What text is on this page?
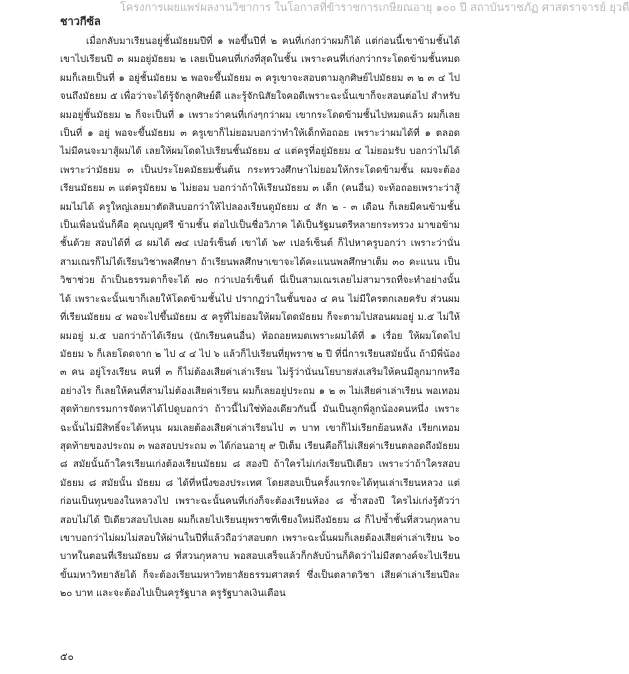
โครงการเผยแพร่ผลงานวิชาการ ในโอกาสที่ข้าราชการเกษียณอายุ ๑๐๐ ปี สถาบันราชภัฏ ศาสตราจารย์ ยุวดี
ชาวกีซ้ล

เมื่อกลับมาเรียนอยู่ชั้นมัธยมปีที่ ๑ พอขึ้นปีที่ ๒ คนที่เก่งกว่าผมก็ได้ แต่ก่อนนี้เขาข้ามชั้นได้ เขาไปเรียนปี ๓ ผมอยู่มัธยม ๒ เลยเป็นคนที่เก่งที่สุดในชั้น เพราะคนที่เก่งกว่ากระโดดข้ามชั้นหมด ผมก็เลยเป็นที่ ๑ อยู่ชั้นมัธยม ๒ พอจะขึ้นมัธยม ๓ ครูเขาจะสอบตามลูกศิษย์ไปมัธยม ๓ ๒ ๓ ๔ ไปจนถึงมัธยม ๕ เพื่อว่าจะได้รู้จักลูกศิษย์ดี และรู้จักนิสัยใจคอดีเพราะฉะนั้นเขาก็จะสอนต่อไป สำหรับผมอยู่ชั้นมัธยม ๒ ก็จะเป็นที่ ๑ เพราะว่าคนที่เก่งๆกว่าผม เขากระโดดข้ามชั้นไปหมดแล้ว ผมก็เลยเป็นที่ ๑ อยู่ พอจะขึ้นมัธยม ๓ ครูเขาก็ไม่ยอมบอกว่าทำให้เด็กท้อถอย เพราะว่าผมได้ที่ ๑ ตลอดไม่มีคนจะมาสู้ผมได้ เลยให้ผมโดดไปเรียนชั้นมัธยม ๔ แต่ครูที่อยู่มัธยม ๔ ไม่ยอมรับ บอกว่าไม่ได้ เพราะว่ามัธยม ๓ เป็นประโยคมัธยมชั้นต้น กระทรวงศึกษาไม่ยอมให้กระโดดข้ามชั้น ผมจะต้องเรียนมัธยม ๓ แต่ครูมัธยม ๒ ไม่ยอม บอกว่าถ้าให้เรียนมัธยม ๓ เด็ก (คนอื่น) จะท้อถอยเพราะว่าสู้ผมไม่ได้ ครูใหญ่เลยมาตัดสินบอกว่าให้ไปลองเรียนดูมัธยม ๔ สัก ๒ - ๓ เดือน ก็เลยมีคนข้ามชั้นเป็นเพื่อนนั่นก็คือ คุณบุญศรี ข้ามชั้น ต่อไปเป็นชื่อวิภาค ได้เป็นรัฐมนตรีหลายกระทรวง มาขอข้ามชั้นด้วย สอบได้ที่ ๘ ผมได้ ๗๔ เปอร์เซ็นต์ เขาได้ ๖๙ เปอร์เซ็นต์ ก็ไปหาครูบอกว่า เพราะว่านั่นสามเณรก็ไม่ได้เรียนวิชาพลศึกษา ถ้าเรียนพลศึกษาเขาจะได้คะแนนพลศึกษาเต็ม ๓๐ คะแนน เป็นวิชาช่วย ถ้าเป็นธรรมดาก็จะได้ ๗๐ กว่าเปอร์เซ็นต์ นี่เป็นสามเณรเลยไม่สามารถที่จะทำอย่างนั้นได้ เพราะฉะนั้นเขาก็เลยให้โดดข้ามชั้นไป ปรากฏว่าในชั้นของ ๔ คน ไม่มีใครตกเลยครับ ส่วนผมที่เรียนมัธยม ๔ พอจะไปขึ้นมัธยม ๕ ครูที่ไม่ยอมให้ผมโดดมัธยม ก็จะตามไปสอนผมอยู่ ม.๕ ไม่ให้ผมอยู่ ม.๕ บอกว่าถ้าได้เรียน (นักเรียนคนอื่น) ท้อถอยหมดเพราะผมได้ที่ ๑ เรื่อย ให้ผมโดดไปมัธยม ๖ ก็เลยโดดจาก ๒ ไป ๔ ๔ ไป ๖ แล้วก็ไปเรียนที่ยุพราช ๒ ปี ที่นี่การเรียนสมัยนั้น ถ้ามีพี่น้อง ๓ คน อยู่โรงเรียน คนที่ ๓ ก็ไม่ต้องเสียค่าเล่าเรียน ไม่รู้ว่านั่นนโยบายส่งเสริมให้คนมีลูกมากหรืออย่างไร ก็เลยให้คนที่สามไม่ต้องเสียค่าเรียน ผมก็เลยอยู่ประถม ๑ ๒ ๓ ไม่เสียค่าเล่าเรียน พอเทอมสุดท้ายกรรมการจัดหาได้ไปดูบอกว่า ถ้าวนี้ไม่ใช่ท้องเดียวกันนี้ มันเป็นลูกพี่ลูกน้องคนหนึ่ง เพราะฉะนั้นไม่มีสิทธิ์จะได้หนุน ผมเลยต้องเสียค่าเล่าเรียนไป ๓ บาท เขาก็ไม่เรียกย้อนหลัง เรียกเทอมสุดท้ายของประถม ๓ พอสอบประถม ๓ ได้ก่อนอายุ ๙ ปีเต็ม เรียนคือก็ไม่เสียค่าเรียนตลอดถึงมัธยม ๘ สมัยนั้นถ้าใครเรียนเก่งต้องเรียนมัธยม ๘ สองปี ถ้าใครไม่เก่งเรียนปีเดียว เพราะว่าถ้าใครสอบมัธยม ๘ สมัยนั้น มัธยม ๘ ได้ที่หนึ่งของประเทศ โดยสอบเป็นครั้งแรกจะได้ทุนเล่าเรียนหลวง แต่ก่อนเป็นทุนของในหลวงไป เพราะฉะนั้นคนที่เก่งก็จะต้องเรียนห้อง ๘ ซ้ำสองปี ใครไม่เก่งรู้ตัวว่าสอบไม่ได้ ปีเดียวสอบไปเลย ผมก็เลยไปเรียนยุพราชที่เชียงใหม่ถึงมัธยม ๘ ก็ไปซ้ำชั้นที่สวนกุหลาบ เขาบอกว่าไม่ผมไม่สอบให้ผ่านในปีที่แล้วถือว่าสอบตก เพราะฉะนั้นผมก็เลยต้องเสียค่าเล่าเรียน ๖๐ บาทในตอนที่เรียนมัธยม ๘ ที่สวนกุหลาบ พอสอบเสร็จแล้วก็กลับบ้านก็คิดว่าไม่มีสตางค์จะไปเรียนขั้นมหาวิทยาลัยได้ ก็จะต้องเรียนมหาวิทยาลัยธรรมศาสตร์ ซึ่งเป็นตลาดวิชา เสียค่าเล่าเรียนปีละ ๒๐ บาท และจะต้องไปเป็นครูรัฐบาล ครูรัฐบาลเงินเดือน

๕๐
